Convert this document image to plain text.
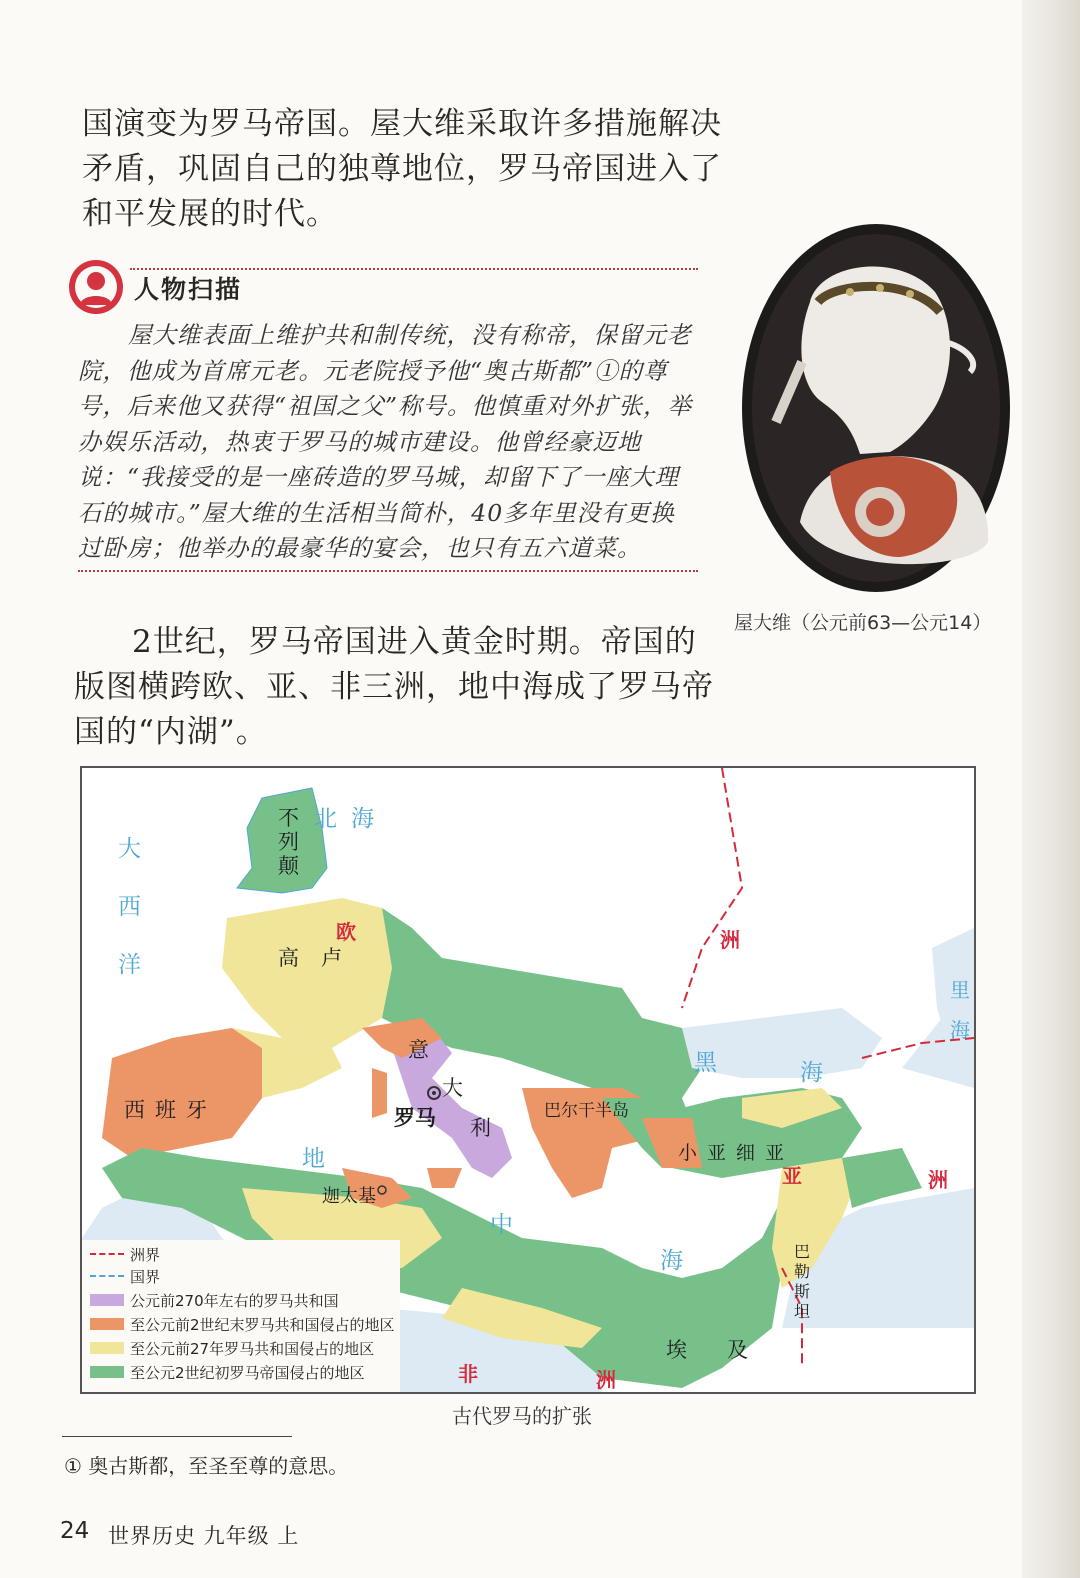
国演变为罗马帝国。屋大维采取许多措施解决矛盾，巩固自己的独尊地位，罗马帝国进入了和平发展的时代。

人物扫描

屋大维表面上维护共和制传统，没有称帝，保留元老院，他成为首席元老。元老院授予他“奥古斯都”①的尊号，后来他又获得“祖国之父”称号。他慎重对外扩张，举办娱乐活动，热衷于罗马的城市建设。他曾经豪迈地说：“我接受的是一座砖造的罗马城，却留下了一座大理石的城市。”屋大维的生活相当简朴，40多年里没有更换过卧房；他举办的最豪华的宴会，也只有五六道菜。

屋大维（公元前63—公元14）

2世纪，罗马帝国进入黄金时期。帝国的版图横跨欧、亚、非三洲，地中海成了罗马帝国的“内湖”。

不列颠
北海
大西洋
欧	洲
高卢
西班牙
意
大
利
罗马	巴尔干半岛
黑	海
里
海
小亚细亚
亚	洲
迦太基
地
中
海	巴勒斯坦
埃及
非	洲
洲界
国界
公元前270年左右的罗马共和国
至公元前2世纪末罗马共和国侵占的地区
至公元前27年罗马共和国侵占的地区
至公元2世纪初罗马帝国侵占的地区
古代罗马的扩张
① 奥古斯都，至圣至尊的意思。
24 世界历史 九年级 上
